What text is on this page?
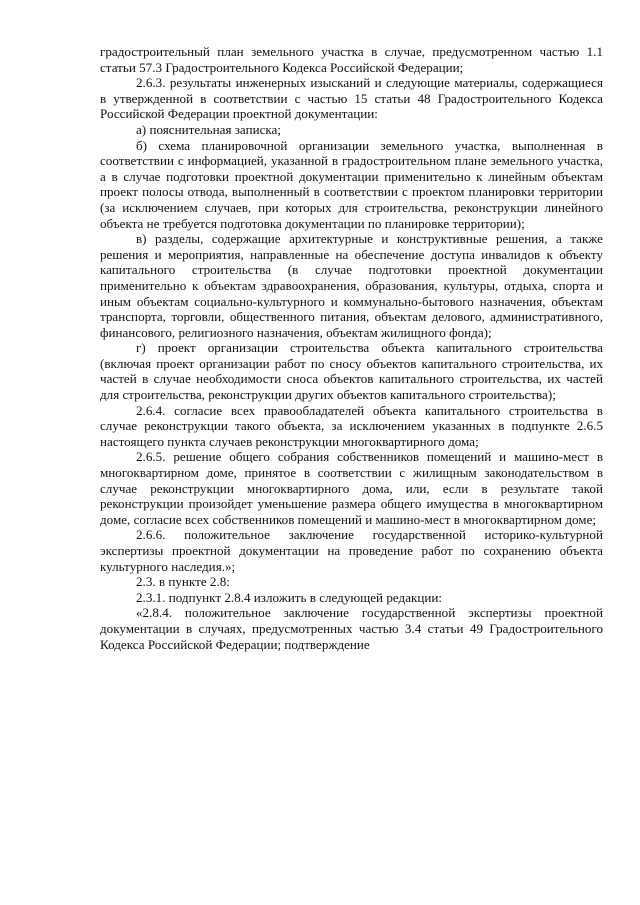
градостроительный план земельного участка в случае, предусмотренном частью 1.1 статьи 57.3 Градостроительного Кодекса Российской Федерации;

2.6.3. результаты инженерных изысканий и следующие материалы, содержащиеся в утвержденной в соответствии с частью 15 статьи 48 Градостроительного Кодекса Российской Федерации проектной документации:

а) пояснительная записка;

б) схема планировочной организации земельного участка, выполненная в соответствии с информацией, указанной в градостроительном плане земельного участка, а в случае подготовки проектной документации применительно к линейным объектам проект полосы отвода, выполненный в соответствии с проектом планировки территории (за исключением случаев, при которых для строительства, реконструкции линейного объекта не требуется подготовка документации по планировке территории);

в) разделы, содержащие архитектурные и конструктивные решения, а также решения и мероприятия, направленные на обеспечение доступа инвалидов к объекту капитального строительства (в случае подготовки проектной документации применительно к объектам здравоохранения, образования, культуры, отдыха, спорта и иным объектам социально-культурного и коммунально-бытового назначения, объектам транспорта, торговли, общественного питания, объектам делового, административного, финансового, религиозного назначения, объектам жилищного фонда);

г) проект организации строительства объекта капитального строительства (включая проект организации работ по сносу объектов капитального строительства, их частей в случае необходимости сноса объектов капитального строительства, их частей для строительства, реконструкции других объектов капитального строительства);

2.6.4. согласие всех правообладателей объекта капитального строительства в случае реконструкции такого объекта, за исключением указанных в подпункте 2.6.5 настоящего пункта случаев реконструкции многоквартирного дома;

2.6.5. решение общего собрания собственников помещений и машино-мест в многоквартирном доме, принятое в соответствии с жилищным законодательством в случае реконструкции многоквартирного дома, или, если в результате такой реконструкции произойдет уменьшение размера общего имущества в многоквартирном доме, согласие всех собственников помещений и машино-мест в многоквартирном доме;

2.6.6. положительное заключение государственной историко-культурной экспертизы проектной документации на проведение работ по сохранению объекта культурного наследия.»;

2.3. в пункте 2.8:

2.3.1. подпункт 2.8.4 изложить в следующей редакции:

«2.8.4. положительное заключение государственной экспертизы проектной документации в случаях, предусмотренных частью 3.4 статьи 49 Градостроительного Кодекса Российской Федерации; подтверждение
